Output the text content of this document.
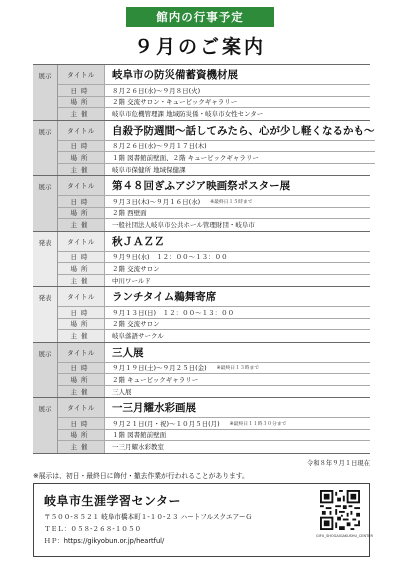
館内の行事予定
９月のご案内
展示	タイトル	岐阜市の防災備蓄資機材展
日時	８月２６日(水)～９月８日(火)
場所	２階 交流サロン・キュービックギャラリー
主催	岐阜市危機管理課 地域防災係・岐阜市女性センター
展示	タイトル	自殺予防週間～話してみたら、心が少し軽くなるかも～
日時	８月２６日(水)～９月１７日(木)
場所	１階 図書館前壁面、２階 キュービックギャラリー
主催	岐阜市保健所 地域保健課
展示	タイトル	第４８回ぎふアジア映画祭ポスター展
日時	９月３日(木)～９月１６日(水) ※最終日１５時まで
場所	２階 西壁面
主催	一般社団法人岐阜市公共ホール管理財団・岐阜市
発表	タイトル	秋ＪＡＺＺ
日時	９月９日(水)　１２：００～１３：００
場所	２階 交流サロン
主催	中川ワールド
発表	タイトル	ランチタイム鵜舞寄席
日時	９月１３日(日)　１２：００～１３：００
場所	２階 交流サロン
主催	岐阜落語サークル
展示	タイトル	三人展
日時	９月１９日(土)～９月２５日(金) ※最終日１３時まで
場所	２階 キュービックギャラリー
主催	三人展
展示	タイトル	一三月耀水彩画展
日時	９月２１日(月・祝)～１０月５日(月) ※最終日１１時３０分まで
場所	１階 図書館前壁面
主催	一三月耀水彩教室
令和８年９月１日現在
※展示は、初日・最終日に飾付・撤去作業が行われることがあります。
岐阜市生涯学習センター
〒５００-８５２１ 岐阜市橋本町１-１０-２３ ハートフルスクエアーＧ
ＴＥＬ：０５８-２６８-１０５０
ＨＰ：https://gikyobun.or.jp/heartful/
GIFU_SHOGAIGAKUSHU_CENTER
